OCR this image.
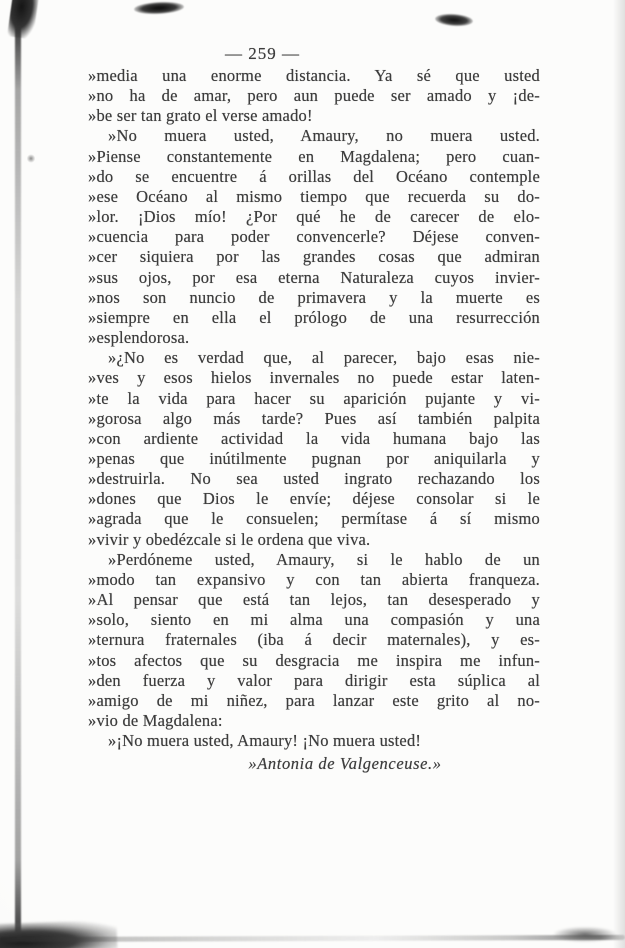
— 259 —
»media una enorme distancia. Ya sé que usted
»no ha de amar, pero aun puede ser amado y ¡de-
»be ser tan grato el verse amado!
»No muera usted, Amaury, no muera usted.
»Piense constantemente en Magdalena; pero cuan-
»do se encuentre á orillas del Océano contemple
»ese Océano al mismo tiempo que recuerda su do-
»lor. ¡Dios mío! ¿Por qué he de carecer de elo-
»cuencia para poder convencerle? Déjese conven-
»cer siquiera por las grandes cosas que admiran
»sus ojos, por esa eterna Naturaleza cuyos invier-
»nos son nuncio de primavera y la muerte es
»siempre en ella el prólogo de una resurrección
»esplendorosa.
»¿No es verdad que, al parecer, bajo esas nie-
»ves y esos hielos invernales no puede estar laten-
»te la vida para hacer su aparición pujante y vi-
»gorosa algo más tarde? Pues así también palpita
»con ardiente actividad la vida humana bajo las
»penas que inútilmente pugnan por aniquilarla y
»destruirla. No sea usted ingrato rechazando los
»dones que Dios le envíe; déjese consolar si le
»agrada que le consuelen; permítase á sí mismo
»vivir y obedézcale si le ordena que viva.
»Perdóneme usted, Amaury, si le hablo de un
»modo tan expansivo y con tan abierta franqueza.
»Al pensar que está tan lejos, tan desesperado y
»solo, siento en mi alma una compasión y una
»ternura fraternales (iba á decir maternales), y es-
»tos afectos que su desgracia me inspira me infun-
»den fuerza y valor para dirigir esta súplica al
»amigo de mi niñez, para lanzar este grito al no-
»vio de Magdalena:
»¡No muera usted, Amaury! ¡No muera usted!
»Antonia de Valgenceuse.»
